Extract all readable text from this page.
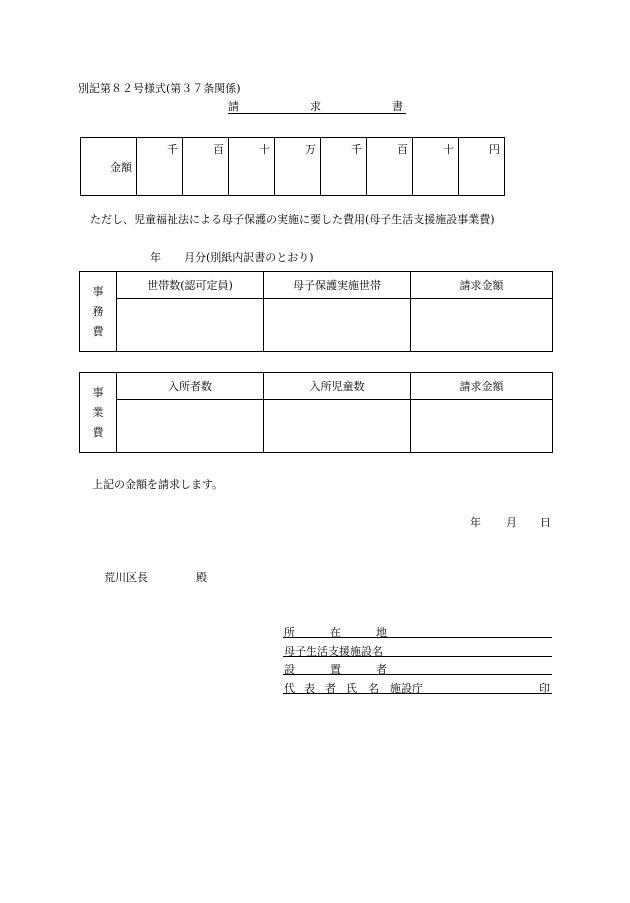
別記第８２号様式(第３７条関係)
請	求	書
金額	千	百	十	万	千	百	十	円
ただし、児童福祉法による母子保護の実施に要した費用(母子生活支援施設事業費)
年 月分(別紙内訳書のとおり)
事
務
費	世帯数(認可定員)	母子保護実施世帯	請求金額

事
業
費	入所者数	入所児童数	請求金額

上記の金額を請求します。
年 月 日
荒川区長	殿
所	在	地
母子生活支援施設名
設	置	者
代 表 者 氏 名 施設庁	印
